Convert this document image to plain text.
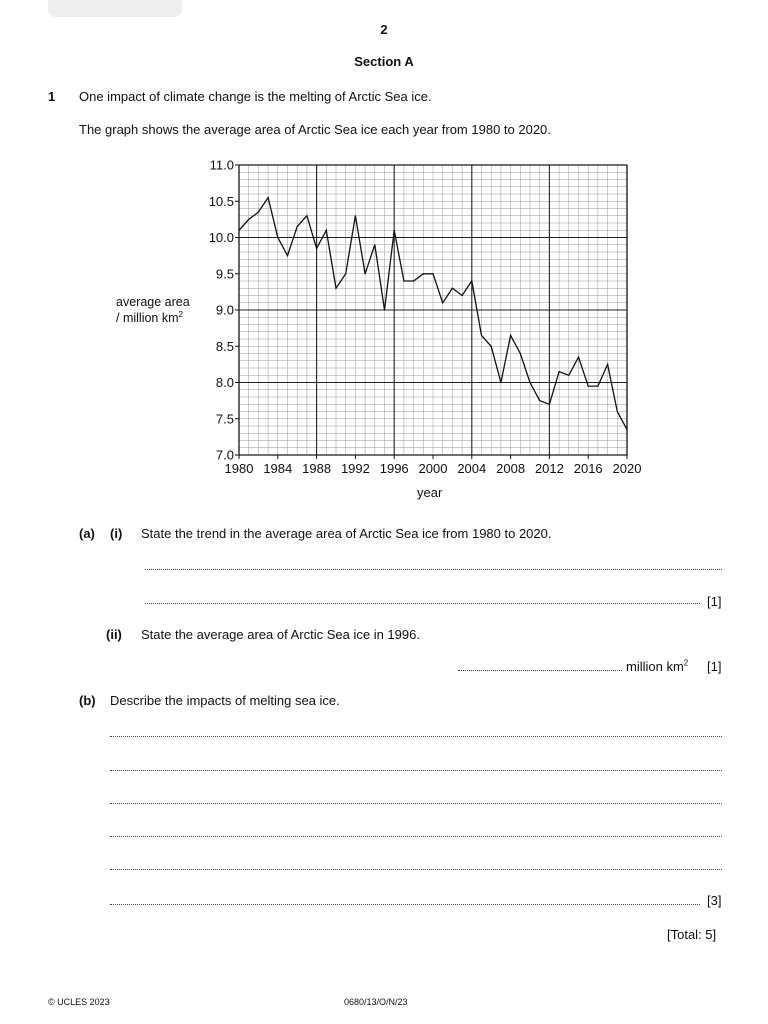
2
Section A
1 One impact of climate change is the melting of Arctic Sea ice.
The graph shows the average area of Arctic Sea ice each year from 1980 to 2020.
7.0
7.5
8.0
8.5
9.0
9.5
10.0
10.5
11.0
1980 1984 1988 1992 1996 2000 2004 2008 2012 2016 2020
average area
/ million $km^2$
year
(a) (i) State the trend in the average area of Arctic Sea ice from 1980 to 2020.
[1]
(ii) State the average area of Arctic Sea ice in 1996.
million $km^2$ [1]
(b) Describe the impacts of melting sea ice.
[3]
[Total: 5]
© UCLES 2023	0680/13/O/N/23
